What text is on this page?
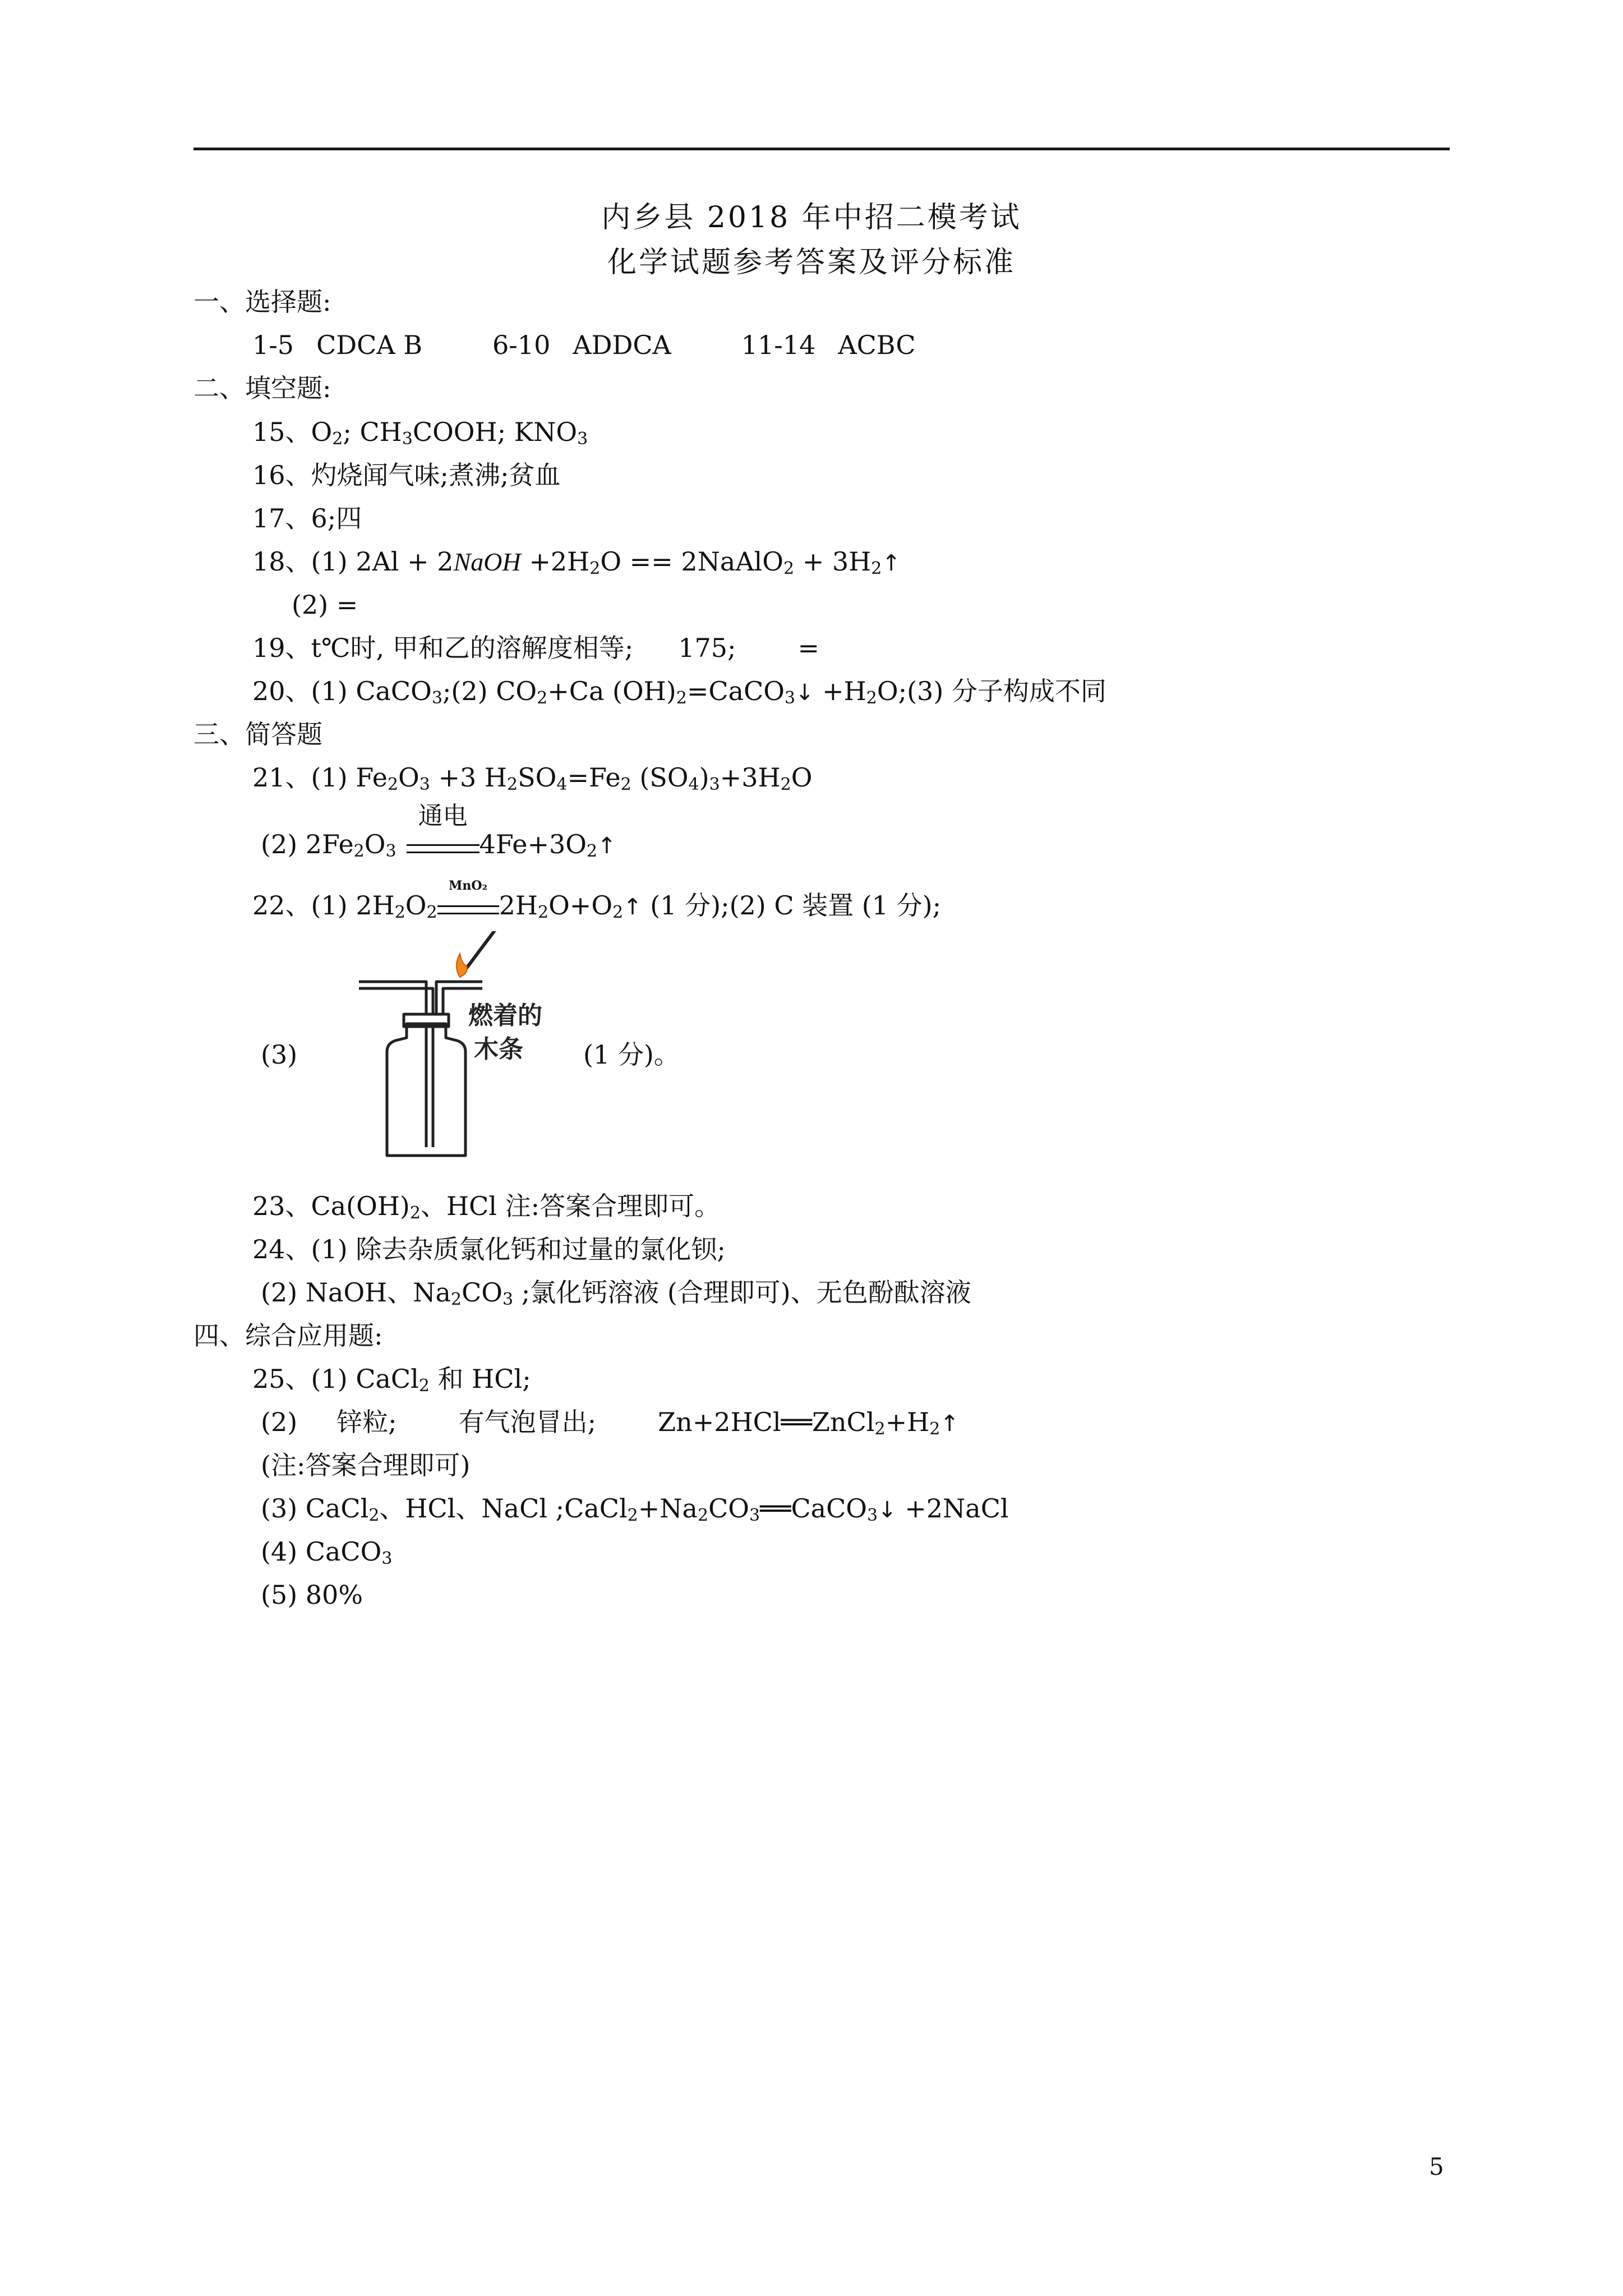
内乡县 2018 年中招二模考试
化学试题参考答案及评分标准
一、选择题:
1-5 CDCA B	6-10 ADDCA	11-14 ACBC
二、填空题:
15、$O_2$; $CH_3COOH$; $KNO_3$
16、灼烧闻气味;煮沸;贫血
17、6;四
18、(1) 2Al + 2NaOH $+2H_2O$ == 2NaAlO$_2$ + $3H_2↑$
(2) =
19、t℃时, 甲和乙的溶解度相等; 175; =
20、(1) CaCO$_3$;(2) $CO_2+Ca$ $(OH)_2=CaCO_3↓$ $+H_2O;(3)$ 分子构成不同
三、简答题
21、(1) $Fe_2O_3 +3$ $H_2SO_4=Fe_2$ $(SO_4)_3+3H_2O$
(2) $2Fe_2O_3$
通电
$4Fe+3O_2↑$
22、(1) $2H_2O_2$
MnO₂
$2H_2O+O_2↑$ (1 分);(2) C 装置 (1 分);
(3)	(1 分)。
燃着的
木条
23、$Ca(OH)_2$、HCl 注:答案合理即可。
24、(1) 除去杂质氯化钙和过量的氯化钡;
(2) NaOH、$Na_2CO_3$ ;氯化钙溶液 (合理即可)、无色酚酞溶液
四、综合应用题:
25、(1) CaCl$_2$ 和 HCl;
(2) 锌粒; 有气泡冒出; $Zn+2HCl══ZnCl_2+H_2↑$
(注:答案合理即可)
(3) CaCl$_2$、HCl、NaCl $;CaCl_2+Na_2CO_3══CaCO_3↓$ +2NaCl
(4) CaCO$_3$
(5) 80%
5
